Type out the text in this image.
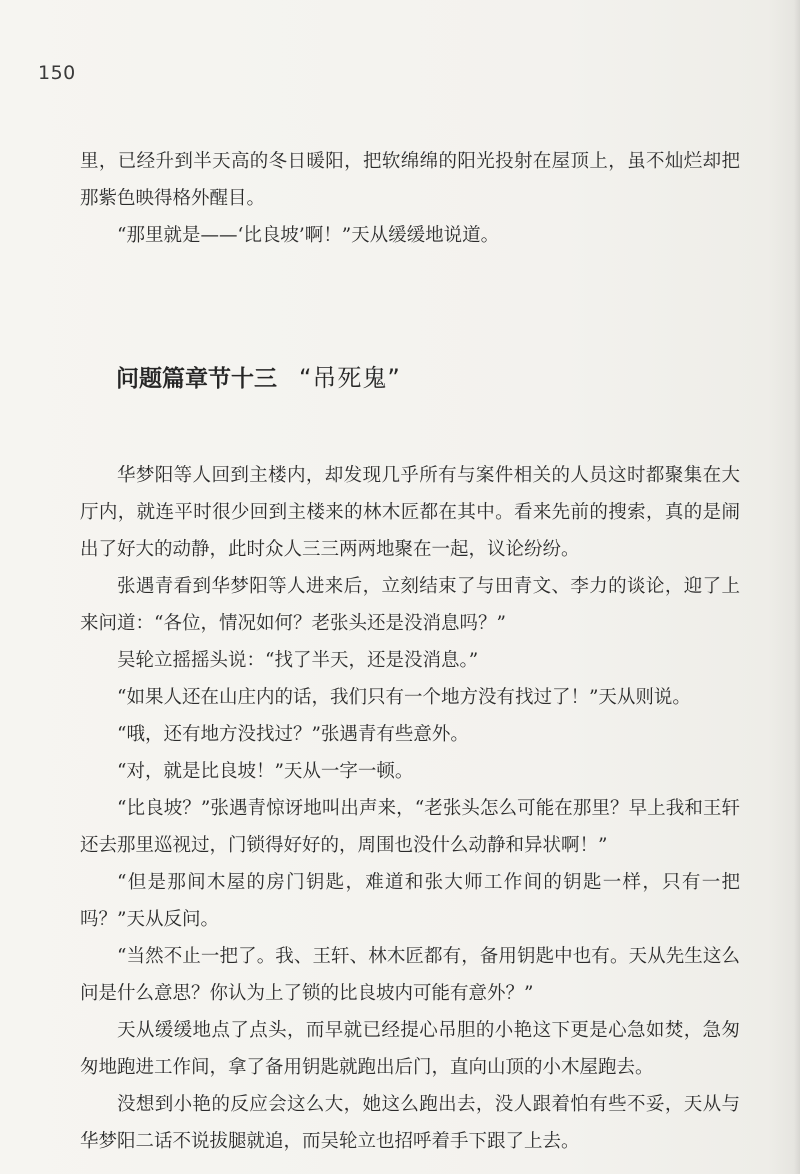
150

里，已经升到半天高的冬日暖阳，把软绵绵的阳光投射在屋顶上，虽不灿烂却把那紫色映得格外醒目。

“那里就是——‘比良坡’啊！”天从缓缓地说道。

问题篇章节十三 “吊死鬼”

华梦阳等人回到主楼内，却发现几乎所有与案件相关的人员这时都聚集在大厅内，就连平时很少回到主楼来的林木匠都在其中。看来先前的搜索，真的是闹出了好大的动静，此时众人三三两两地聚在一起，议论纷纷。

张遇青看到华梦阳等人进来后，立刻结束了与田青文、李力的谈论，迎了上来问道：“各位，情况如何？老张头还是没消息吗？”

吴轮立摇摇头说：“找了半天，还是没消息。”

“如果人还在山庄内的话，我们只有一个地方没有找过了！”天从则说。

“哦，还有地方没找过？”张遇青有些意外。

“对，就是比良坡！”天从一字一顿。

“比良坡？”张遇青惊讶地叫出声来，“老张头怎么可能在那里？早上我和王轩还去那里巡视过，门锁得好好的，周围也没什么动静和异状啊！”

“但是那间木屋的房门钥匙，难道和张大师工作间的钥匙一样，只有一把吗？”天从反问。

“当然不止一把了。我、王轩、林木匠都有，备用钥匙中也有。天从先生这么问是什么意思？你认为上了锁的比良坡内可能有意外？”

天从缓缓地点了点头，而早就已经提心吊胆的小艳这下更是心急如焚，急匆匆地跑进工作间，拿了备用钥匙就跑出后门，直向山顶的小木屋跑去。

没想到小艳的反应会这么大，她这么跑出去，没人跟着怕有些不妥，天从与华梦阳二话不说拔腿就追，而吴轮立也招呼着手下跟了上去。
